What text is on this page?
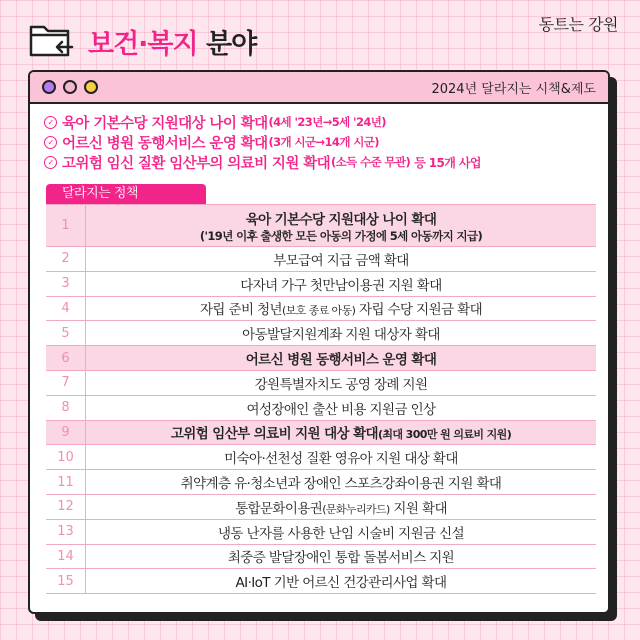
보건·복지 분야
동트는 강원
2024년 달라지는 시책&제도
✓ 육아 기본수당 지원대상 나이 확대 (4세 '23년→5세 '24년)
✓ 어르신 병원 동행서비스 운영 확대 (3개 시군→14개 시군)
✓ 고위험 임신 질환 임산부의 의료비 지원 확대 (소득 수준 무관) 등 15개 사업
달라지는 정책
1	육아 기본수당 지원대상 나이 확대
('19년 이후 출생한 모든 아동의 가정에 5세 아동까지 지급)
2	부모급여 지급 금액 확대
3	다자녀 가구 첫만남이용권 지원 확대
4	자립 준비 청년(보호 종료 아동) 자립 수당 지원금 확대
5	아동발달지원계좌 지원 대상자 확대
6	어르신 병원 동행서비스 운영 확대
7	강원특별자치도 공영 장례 지원
8	여성장애인 출산 비용 지원금 인상
9	고위험 임산부 의료비 지원 대상 확대(최대 300만 원 의료비 지원)
10	미숙아·선천성 질환 영유아 지원 대상 확대
11	취약계층 유·청소년과 장애인 스포츠강좌이용권 지원 확대
12	통합문화이용권(문화누리카드) 지원 확대
13	냉동 난자를 사용한 난임 시술비 지원금 신설
14	최중증 발달장애인 통합 돌봄서비스 지원
15	AI·IoT 기반 어르신 건강관리사업 확대
